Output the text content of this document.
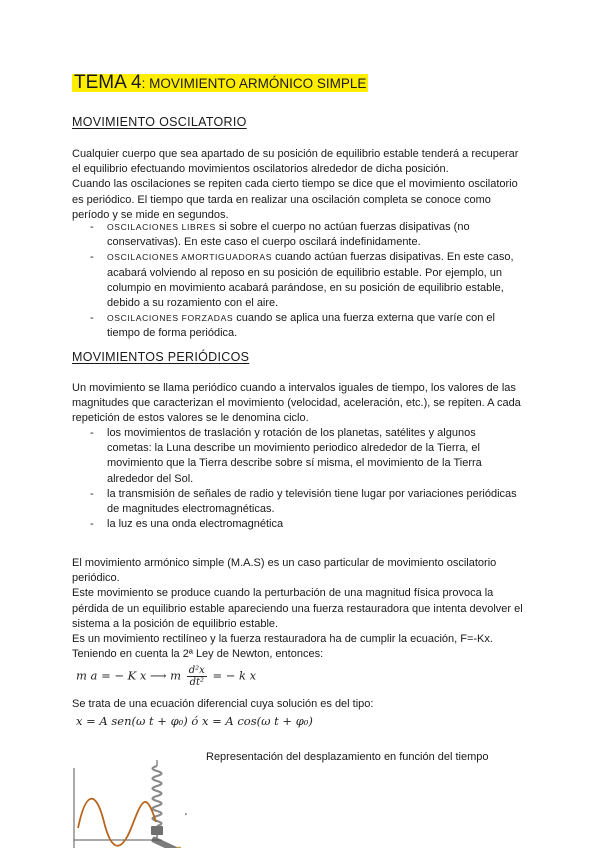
TEMA 4: MOVIMIENTO ARMÓNICO SIMPLE
MOVIMIENTO OSCILATORIO
Cualquier cuerpo que sea apartado de su posición de equilibrio estable tenderá a recuperar
el equilibrio efectuando movimientos oscilatorios alrededor de dicha posición.
Cuando las oscilaciones se repiten cada cierto tiempo se dice que el movimiento oscilatorio
es periódico. El tiempo que tarda en realizar una oscilación completa se conoce como
período y se mide en segundos.
- OSCILACIONES LIBRES si sobre el cuerpo no actúan fuerzas disipativas (no
conservativas). En este caso el cuerpo oscilará indefinidamente.
- OSCILACIONES AMORTIGUADORAS cuando actúan fuerzas disipativas. En este caso,
acabará volviendo al reposo en su posición de equilibrio estable. Por ejemplo, un
columpio en movimiento acabará parándose, en su posición de equilibrio estable,
debido a su rozamiento con el aire.
- OSCILACIONES FORZADAS cuando se aplica una fuerza externa que varíe con el
tiempo de forma periódica.
MOVIMIENTOS PERIÓDICOS
Un movimiento se llama periódico cuando a intervalos iguales de tiempo, los valores de las
magnitudes que caracterizan el movimiento (velocidad, aceleración, etc.), se repiten. A cada
repetición de estos valores se le denomina ciclo.
- los movimientos de traslación y rotación de los planetas, satélites y algunos
cometas: la Luna describe un movimiento periodico alrededor de la Tierra, el
movimiento que la Tierra describe sobre sí misma, el movimiento de la Tierra
alrededor del Sol.
- la transmisión de señales de radio y televisión tiene lugar por variaciones periódicas
de magnitudes electromagnéticas.
- la luz es una onda electromagnética
El movimiento armónico simple (M.A.S) es un caso particular de movimiento oscilatorio
periódico.
Este movimiento se produce cuando la perturbación de una magnitud física provoca la
pérdida de un equilibrio estable apareciendo una fuerza restauradora que intenta devolver el
sistema a la posición de equilibrio estable.
Es un movimiento rectilíneo y la fuerza restauradora ha de cumplir la ecuación, F=-Kx.
Teniendo en cuenta la 2ª Ley de Newton, entonces:
m a = − K x ⟶ m $\frac{\text{d²x}}{\text{dt²}}$ = − k x
Se trata de una ecuación diferencial cuya solución es del tipo:
x = A sen(ω t + φ₀) ó x = A cos(ω t + φ₀)
Representación del desplazamiento en función del tiempo
'
